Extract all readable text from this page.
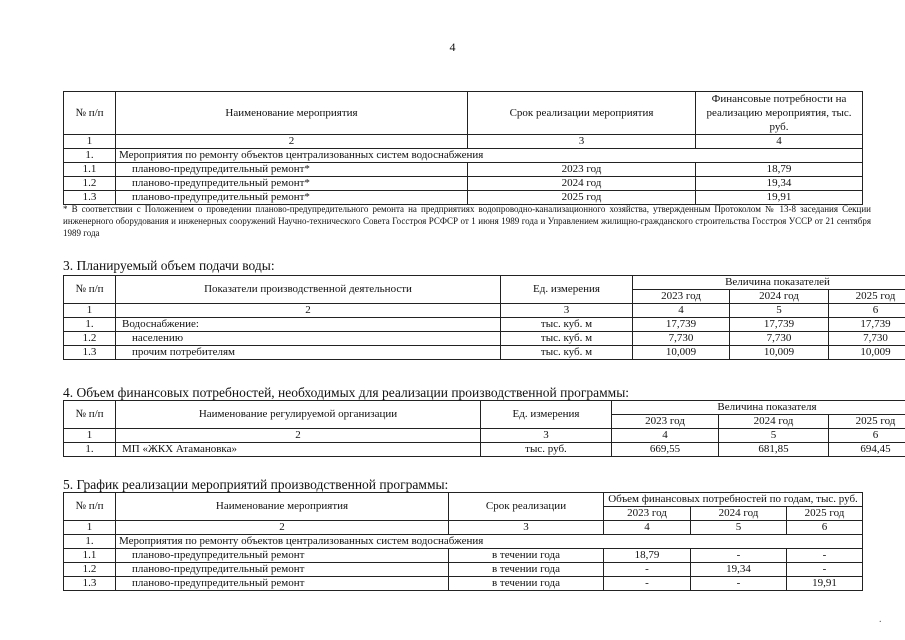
4
№ п/п	Наименование мероприятия	Срок реализации мероприятия	Финансовые потребности на реализацию мероприятия, тыс. руб.
1	2	3	4
1.	Мероприятия по ремонту объектов централизованных систем водоснабжения		
1.1	планово-предупредительный ремонт*	2023 год	18,79
1.2	планово-предупредительный ремонт*	2024 год	19,34
1.3	планово-предупредительный ремонт*	2025 год	19,91
* В соответствии с Положением о проведении планово-предупредительного ремонта на предприятиях водопроводно-канализационного хозяйства, утвержденным Протоколом № 13-8 заседания Секции инженерного оборудования и инженерных сооружений Научно-технического Совета Госстроя РСФСР от 1 июня 1989 года и Управлением жилищно-гражданского строительства Госстроя УССР от 21 сентября 1989 года
3. Планируемый объем подачи воды:
№ п/п	Показатели производственной деятельности	Ед. измерения	Величина показателей		
			2023 год	2024 год	2025 год
1	2	3	4	5	6
1.	Водоснабжение:	тыс. куб. м	17,739	17,739	17,739
1.2	населению	тыс. куб. м	7,730	7,730	7,730
1.3	прочим потребителям	тыс. куб. м	10,009	10,009	10,009
4. Объем финансовых потребностей, необходимых для реализации производственной программы:
№ п/п	Наименование регулируемой организации	Ед. измерения	Величина показателя		
			2023 год	2024 год	2025 год
1	2	3	4	5	6
1.	МП «ЖКХ Атамановка»	тыс. руб.	669,55	681,85	694,45
5. График реализации мероприятий производственной программы:
№ п/п	Наименование мероприятия	Срок реализации	Объем финансовых потребностей по годам, тыс. руб.		
			2023 год	2024 год	2025 год
1	2	3	4	5	6
1.	Мероприятия по ремонту объектов централизованных систем водоснабжения				
1.1	планово-предупредительный ремонт	в течении года	18,79	-	-
1.2	планово-предупредительный ремонт	в течении года	-	19,34	-
1.3	планово-предупредительный ремонт	в течении года	-	-	19,91
.
